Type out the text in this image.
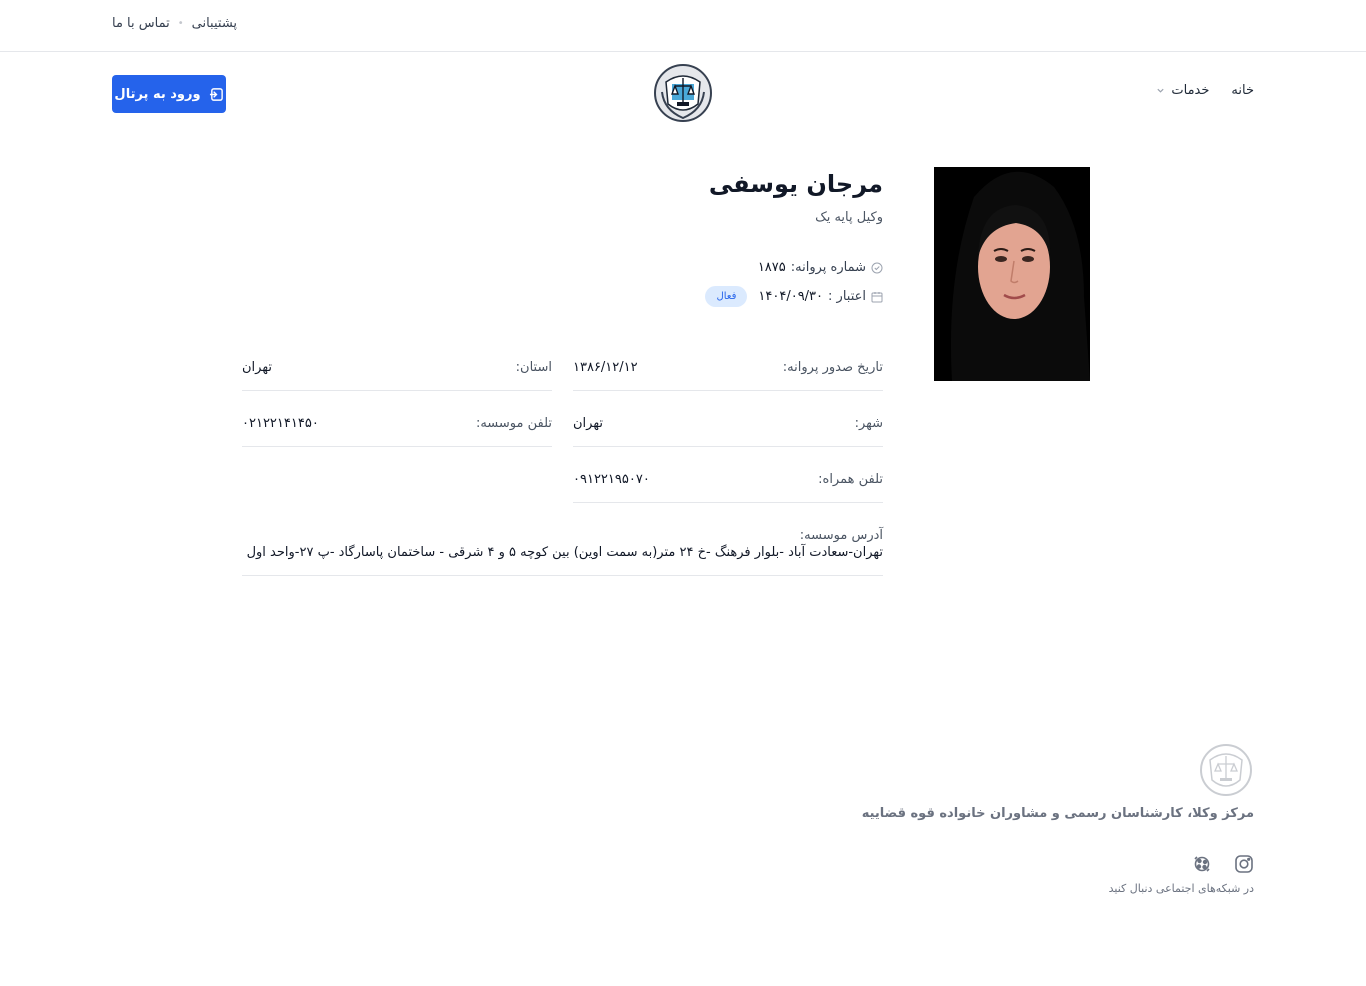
پشتیبانی
•
تماس با ما
ورود به پرتال	خانه
خدمات
مرجان یوسفی
وکیل پایه یک
شماره پروانه:
۱۸۷۵
اعتبار :
۱۴۰۴/۰۹/۳۰
فعال
تاریخ صدور پروانه:
۱۳۸۶/۱۲/۱۲
استان:
تهران
شهر:
تهران
تلفن موسسه:
۰۲۱۲۲۱۴۱۴۵۰
تلفن همراه:
۰۹۱۲۲۱۹۵۰۷۰
آدرس موسسه:
تهران-سعادت آباد -بلوار فرهنگ -خ ۲۴ متر(به سمت اوین) بین کوچه ۵ و ۴ شرقی - ساختمان پاسارگاد -پ ۲۷-واحد اول
مرکز وکلا، کارشناسان رسمی و مشاوران خانواده قوه قضاییه
در شبکه‌های اجتماعی دنبال کنید
